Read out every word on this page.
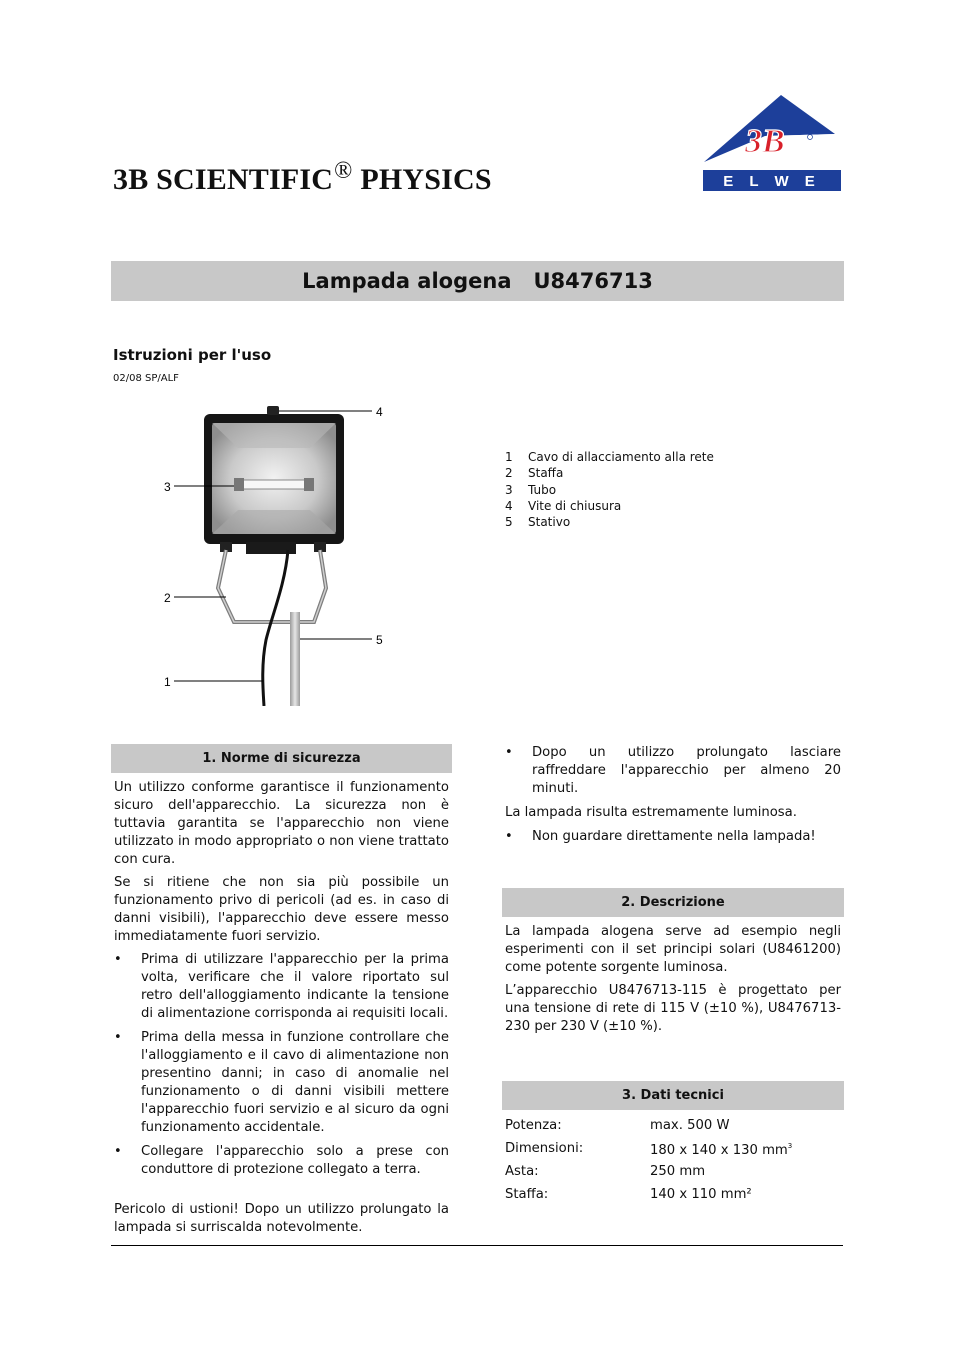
3B SCIENTIFIC® PHYSICS
3B
E L W E
Lampada alogena U8476713
Istruzioni per l'uso
02/08 SP/ALF
4
3
2
5
1
1	Cavo di allacciamento alla rete
2	Staffa
3	Tubo
4	Vite di chiusura
5	Stativo
1. Norme di sicurezza

Un utilizzo conforme garantisce il funzionamento sicuro dell'apparecchio. La sicurezza non è tuttavia garantita se l'apparecchio non viene utilizzato in modo appropriato o non viene trattato con cura.

Se si ritiene che non sia più possibile un funzionamento privo di pericoli (ad es. in caso di danni visibili), l'apparecchio deve essere messo immediatamente fuori servizio.

• Prima di utilizzare l'apparecchio per la prima volta, verificare che il valore riportato sul retro dell'alloggiamento indicante la tensione di alimentazione corrisponda ai requisiti locali.
• Prima della messa in funzione controllare che l'alloggiamento e il cavo di alimentazione non presentino danni; in caso di anomalie nel funzionamento o di danni visibili mettere l'apparecchio fuori servizio e al sicuro da ogni funzionamento accidentale.
• Collegare l'apparecchio solo a prese con conduttore di protezione collegato a terra.

Pericolo di ustioni! Dopo un utilizzo prolungato la lampada si surriscalda notevolmente.

• Dopo un utilizzo prolungato lasciare raffreddare l'apparecchio per almeno 20 minuti.

La lampada risulta estremamente luminosa.

• Non guardare direttamente nella lampada!
2. Descrizione

La lampada alogena serve ad esempio negli esperimenti con il set principi solari (U8461200) come potente sorgente luminosa.

L’apparecchio U8476713-115 è progettato per una tensione di rete di 115 V (±10 %), U8476713-230 per 230 V (±10 %).

3. Dati tecnici
Potenza:	max. 500 W
Dimensioni:	180 x 140 x 130 $mm^3$
Asta:	250 mm
Staffa:	140 x 110 mm²
